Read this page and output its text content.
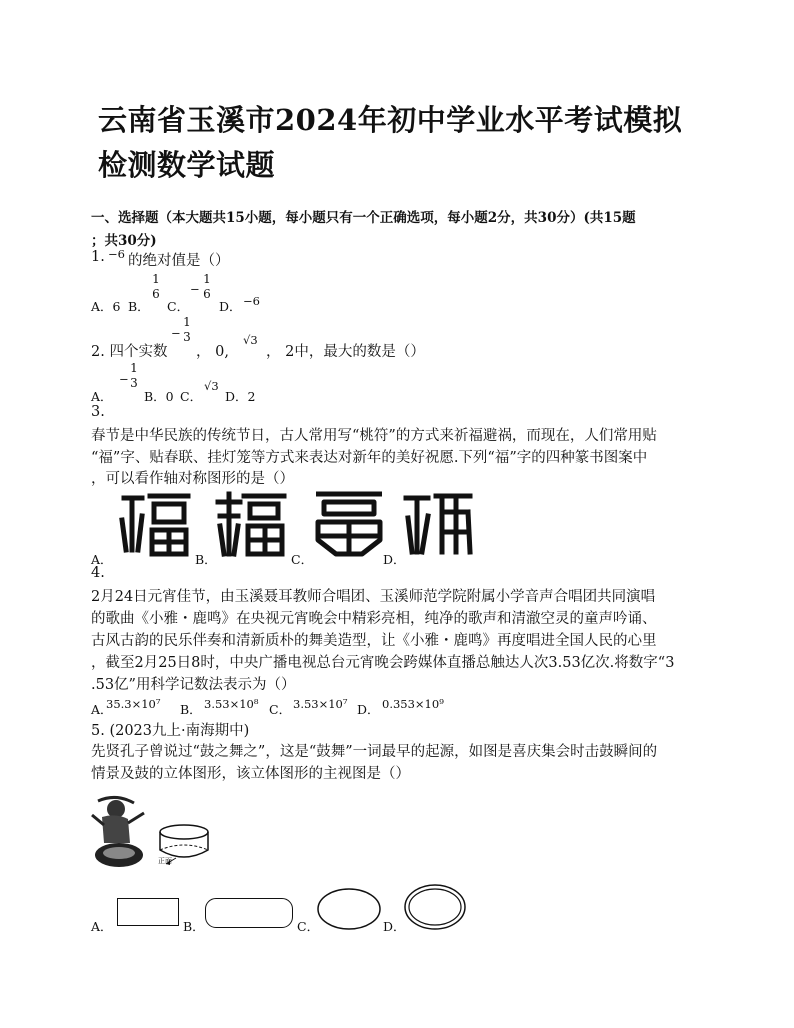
云南省玉溪市2024年初中学业水平考试模拟
检测数学试题
一、选择题（本大题共15小题，每小题只有一个正确选项，每小题2分，共30分）(共15题
；共30分)
1. −6 的绝对值是（）
A．6 B．
1
6
C．
−
1
6
D． −6
2. 四个实数
−
1
3
， 0,
√3
， 2中，最大的数是（）
A．
−
1
3
B．0 C．
√3
D．2
3.
春节是中华民族的传统节日，古人常用写“桃符”的方式来祈福避祸，而现在，人们常用贴
“福”字、贴春联、挂灯笼等方式来表达对新年的美好祝愿.下列“福”字的四种篆书图案中
，可以看作轴对称图形的是（）
A．	B．	C．	D．
4.
2月24日元宵佳节，由玉溪聂耳教师合唱团、玉溪师范学院附属小学音声合唱团共同演唱
的歌曲《小雅・鹿鸣》在央视元宵晚会中精彩亮相，纯净的歌声和清澈空灵的童声吟诵、
古风古韵的民乐伴奏和清新质朴的舞美造型，让《小雅・鹿鸣》再度唱进全国人民的心里
，截至2月25日8时，中央广播电视总台元宵晚会跨媒体直播总触达人次3.53亿次.将数字“3
.53亿”用科学记数法表示为（）
A．
35.3×10⁷ B． 3.53×10⁸ C． 3.53×10⁷ D． 0.353×10⁹
5. (2023九上·南海期中)
先贤孔子曾说过“鼓之舞之”，这是“鼓舞”一词最早的起源，如图是喜庆集会时击鼓瞬间的
情景及鼓的立体图形，该立体图形的主视图是（）
正面
A．	B．	C．	D．
